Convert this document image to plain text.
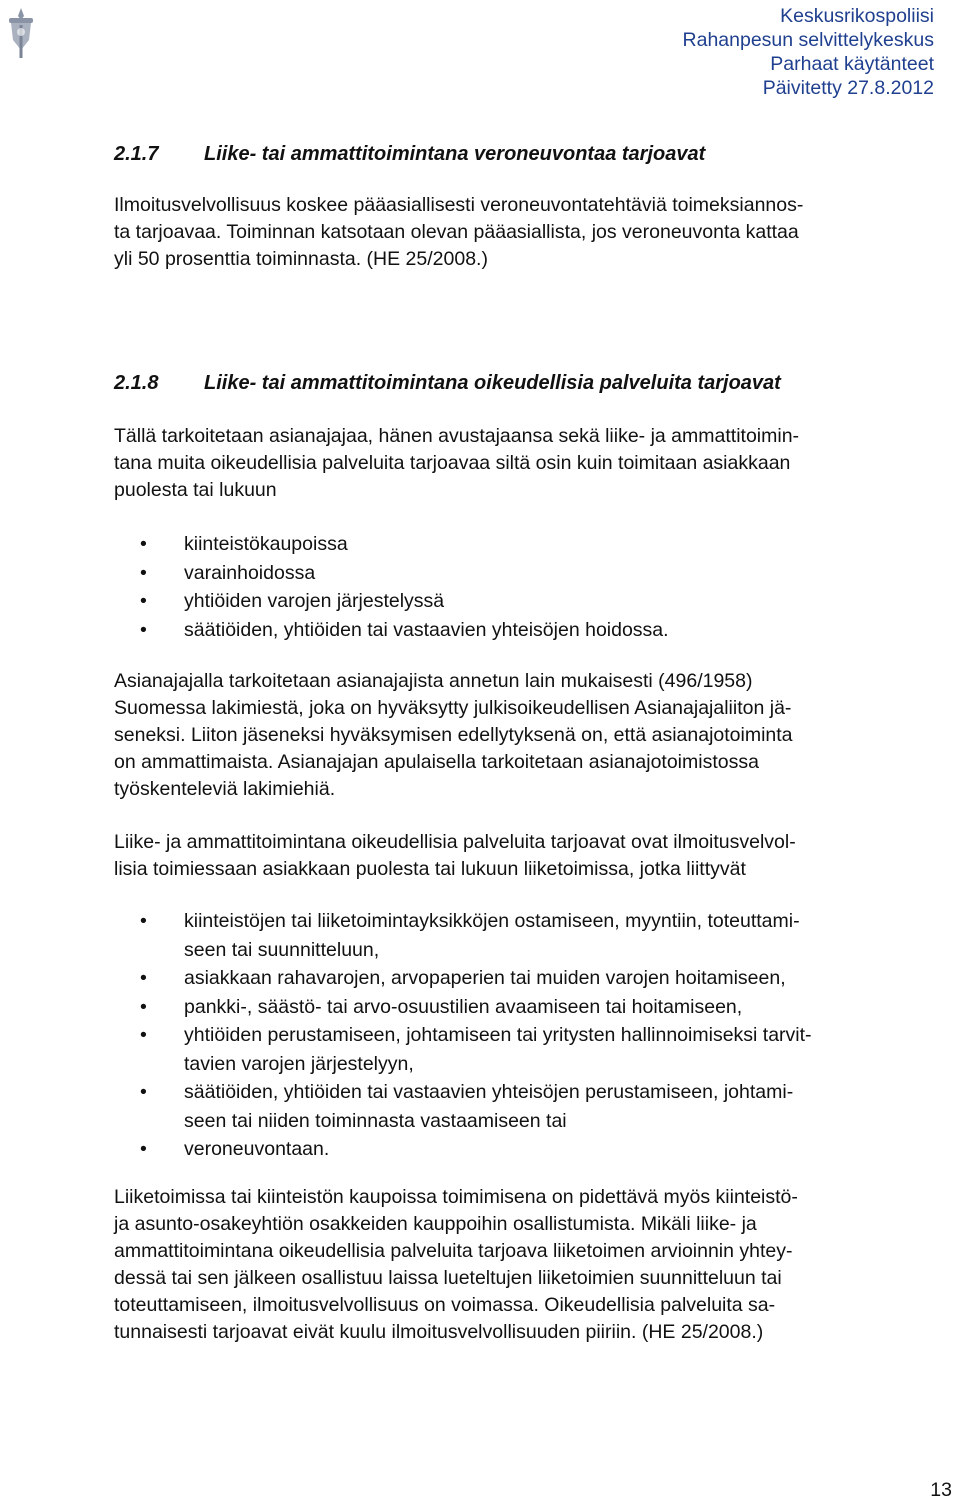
Keskusrikospoliisi
Rahanpesun selvittelykeskus
Parhaat käytänteet
Päivitetty 27.8.2012
2.1.7 Liike- tai ammattitoimintana veroneuvontaa tarjoavat
Ilmoitusvelvollisuus koskee pääasiallisesti veroneuvontatehtäviä toimeksiannos-
ta tarjoavaa. Toiminnan katsotaan olevan pääasiallista, jos veroneuvonta kattaa
yli 50 prosenttia toiminnasta. (HE 25/2008.)
2.1.8 Liike- tai ammattitoimintana oikeudellisia palveluita tarjoavat
Tällä tarkoitetaan asianajajaa, hänen avustajaansa sekä liike- ja ammattitoimin-
tana muita oikeudellisia palveluita tarjoavaa siltä osin kuin toimitaan asiakkaan
puolesta tai lukuun
• kiinteistökaupoissa
• varainhoidossa
• yhtiöiden varojen järjestelyssä
• säätiöiden, yhtiöiden tai vastaavien yhteisöjen hoidossa.
Asianajajalla tarkoitetaan asianajajista annetun lain mukaisesti (496/1958)
Suomessa lakimiestä, joka on hyväksytty julkisoikeudellisen Asianajajaliiton jä-
seneksi. Liiton jäseneksi hyväksymisen edellytyksenä on, että asianajotoiminta
on ammattimaista. Asianajajan apulaisella tarkoitetaan asianajotoimistossa
työskenteleviä lakimiehiä.
Liike- ja ammattitoimintana oikeudellisia palveluita tarjoavat ovat ilmoitusvelvol-
lisia toimiessaan asiakkaan puolesta tai lukuun liiketoimissa, jotka liittyvät
• kiinteistöjen tai liiketoimintayksikköjen ostamiseen, myyntiin, toteuttami-
seen tai suunnitteluun,
• asiakkaan rahavarojen, arvopaperien tai muiden varojen hoitamiseen,
• pankki-, säästö- tai arvo-osuustilien avaamiseen tai hoitamiseen,
• yhtiöiden perustamiseen, johtamiseen tai yritysten hallinnoimiseksi tarvit-
tavien varojen järjestelyyn,
• säätiöiden, yhtiöiden tai vastaavien yhteisöjen perustamiseen, johtami-
seen tai niiden toiminnasta vastaamiseen tai
• veroneuvontaan.
Liiketoimissa tai kiinteistön kaupoissa toimimisena on pidettävä myös kiinteistö-
ja asunto-osakeyhtiön osakkeiden kauppoihin osallistumista. Mikäli liike- ja
ammattitoimintana oikeudellisia palveluita tarjoava liiketoimen arvioinnin yhtey-
dessä tai sen jälkeen osallistuu laissa lueteltujen liiketoimien suunnitteluun tai
toteuttamiseen, ilmoitusvelvollisuus on voimassa. Oikeudellisia palveluita sa-
tunnaisesti tarjoavat eivät kuulu ilmoitusvelvollisuuden piiriin. (HE 25/2008.)
13
